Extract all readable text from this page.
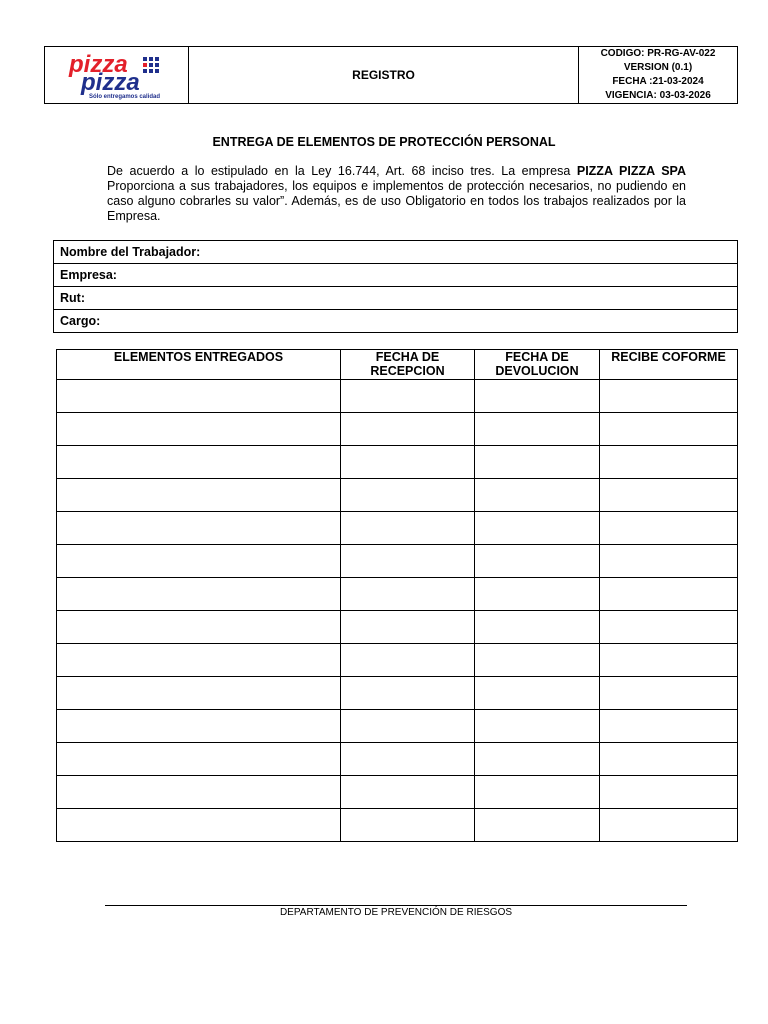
pizza
pizza
Sólo entregamos calidad
REGISTRO
CODIGO: PR-RG-AV-022
VERSION (0.1)
FECHA :21-03-2024
VIGENCIA: 03-03-2026
ENTREGA DE ELEMENTOS DE PROTECCIÓN PERSONAL

De acuerdo a lo estipulado en la Ley 16.744, Art. 68 inciso tres. La empresa PIZZA PIZZA SPA Proporciona a sus trabajadores, los equipos e implementos de protección necesarios, no pudiendo en caso alguno cobrarles su valor”. Además, es de uso Obligatorio en todos los trabajos realizados por la Empresa.

Nombre del Trabajador:
Empresa:
Rut:
Cargo:
ELEMENTOS ENTREGADOS	FECHA DE RECEPCION	FECHA DE DEVOLUCION	RECIBE COFORME

DEPARTAMENTO DE PREVENCIÓN DE RIESGOS
